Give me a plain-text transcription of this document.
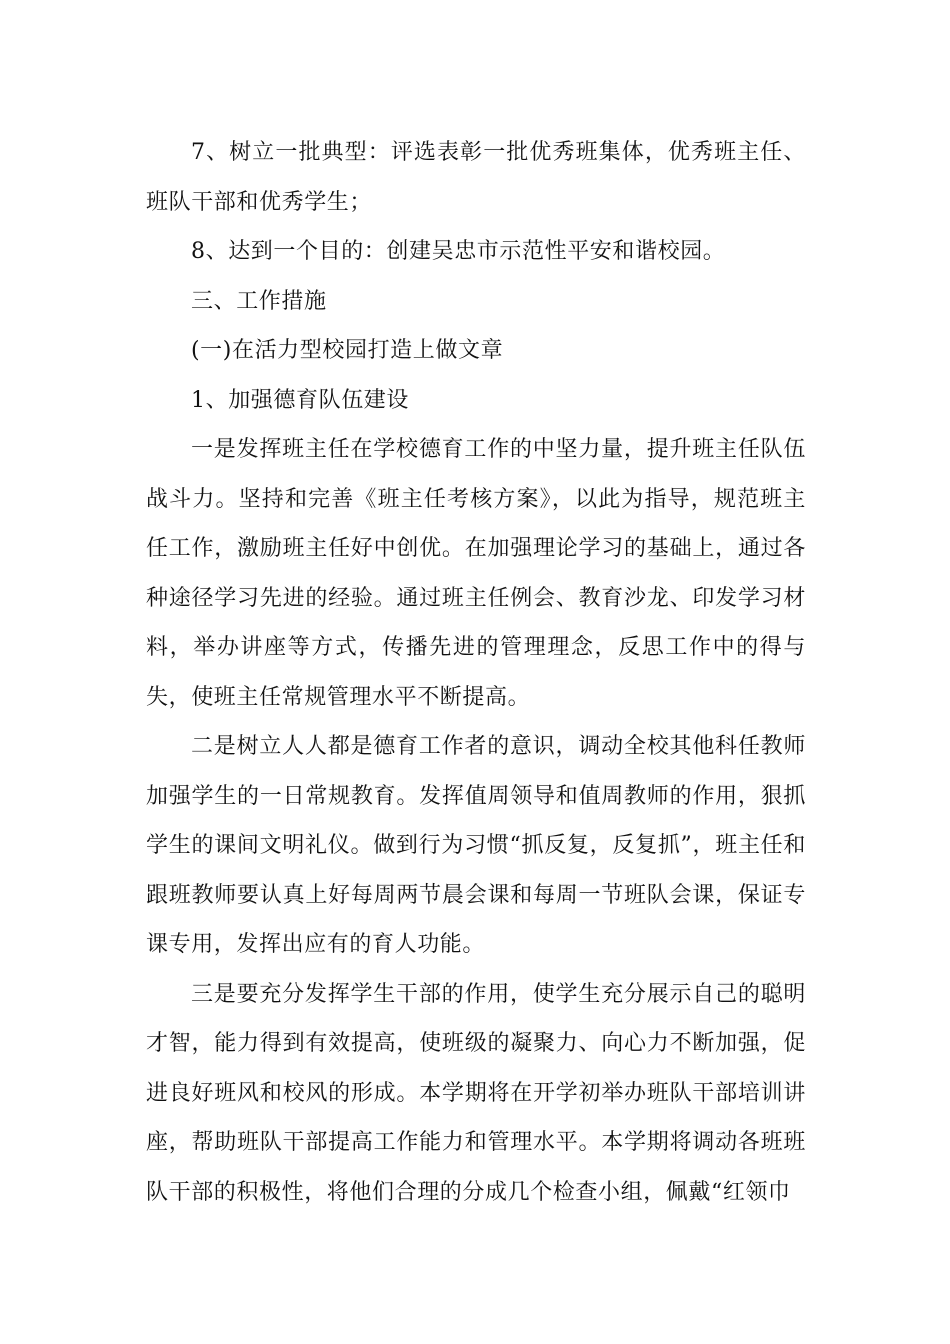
7、树立一批典型：评选表彰一批优秀班集体，优秀班主任、班队干部和优秀学生；

8、达到一个目的：创建吴忠市示范性平安和谐校园。

三、工作措施

(一)在活力型校园打造上做文章

1、加强德育队伍建设

一是发挥班主任在学校德育工作的中坚力量，提升班主任队伍战斗力。坚持和完善《班主任考核方案》，以此为指导，规范班主任工作，激励班主任好中创优。在加强理论学习的基础上，通过各种途径学习先进的经验。通过班主任例会、教育沙龙、印发学习材料，举办讲座等方式，传播先进的管理理念，反思工作中的得与失，使班主任常规管理水平不断提高。

二是树立人人都是德育工作者的意识，调动全校其他科任教师加强学生的一日常规教育。发挥值周领导和值周教师的作用，狠抓学生的课间文明礼仪。做到行为习惯“抓反复，反复抓”，班主任和跟班教师要认真上好每周两节晨会课和每周一节班队会课，保证专课专用，发挥出应有的育人功能。

三是要充分发挥学生干部的作用，使学生充分展示自己的聪明才智，能力得到有效提高，使班级的凝聚力、向心力不断加强，促进良好班风和校风的形成。本学期将在开学初举办班队干部培训讲座，帮助班队干部提高工作能力和管理水平。本学期将调动各班班队干部的积极性，将他们合理的分成几个检查小组，佩戴“红领巾
